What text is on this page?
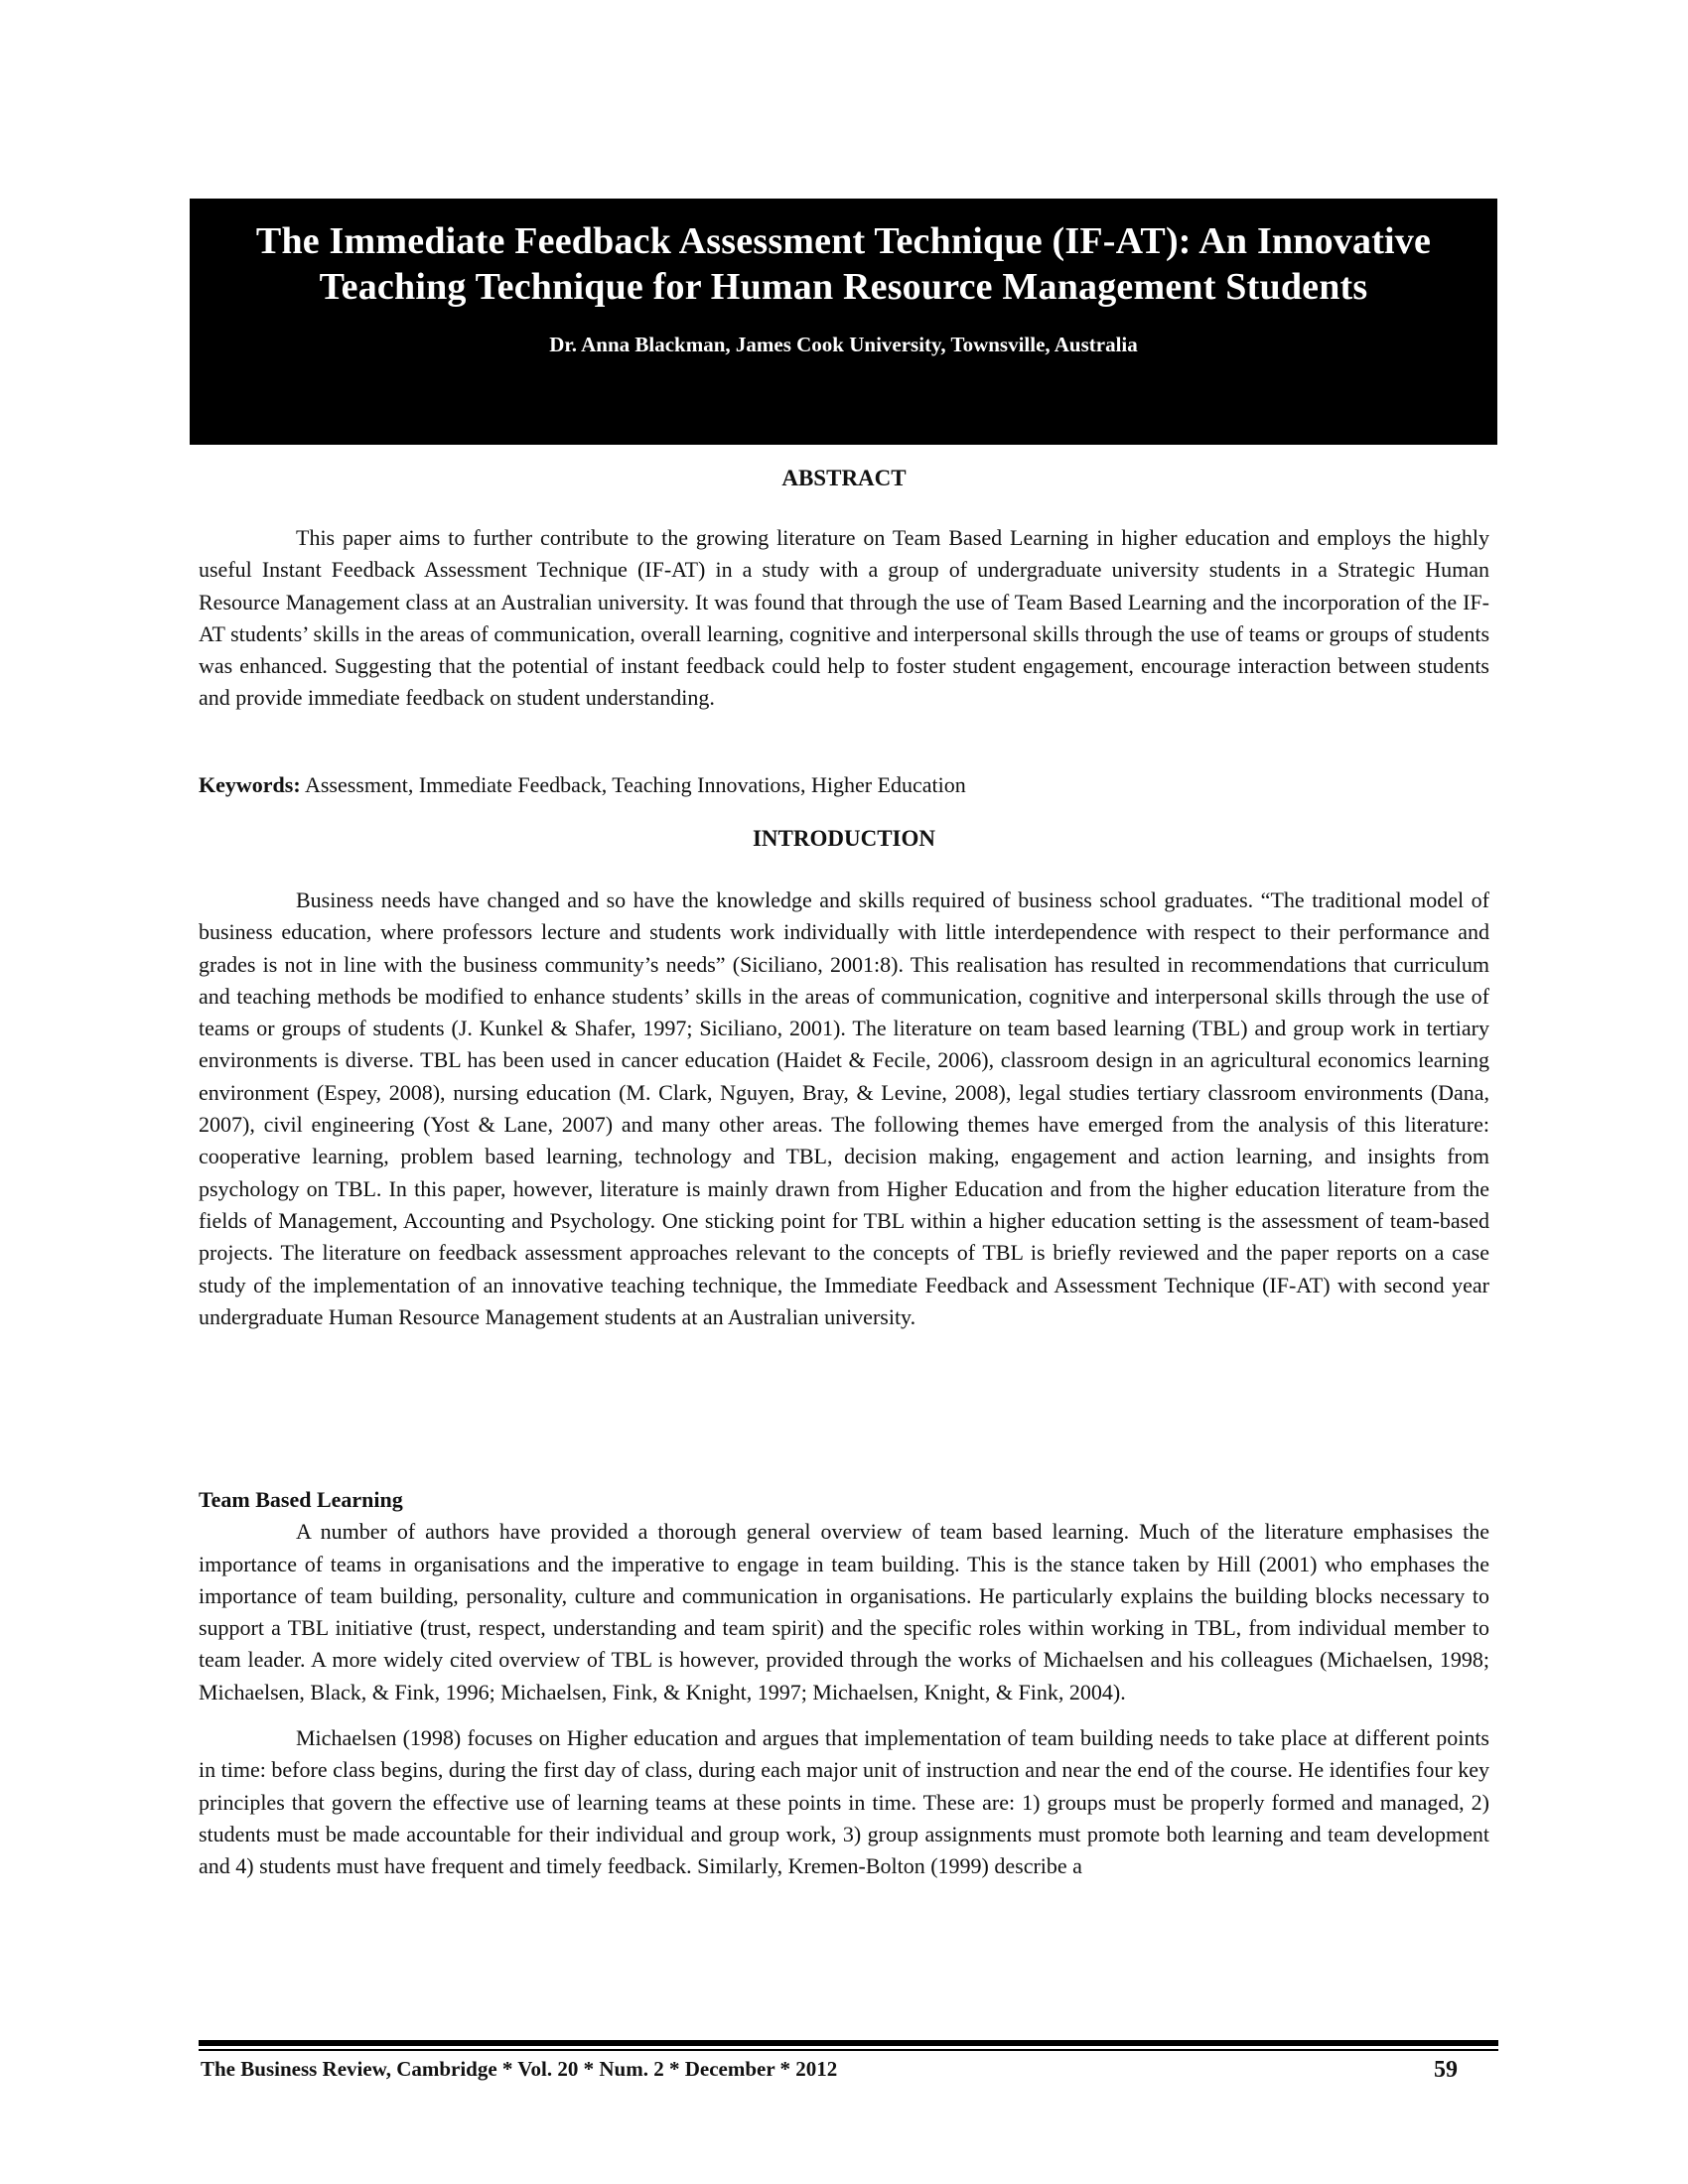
The Immediate Feedback Assessment Technique (IF-AT): An Innovative Teaching Technique for Human Resource Management Students
Dr. Anna Blackman, James Cook University, Townsville, Australia
ABSTRACT

This paper aims to further contribute to the growing literature on Team Based Learning in higher education and employs the highly useful Instant Feedback Assessment Technique (IF-AT) in a study with a group of undergraduate university students in a Strategic Human Resource Management class at an Australian university. It was found that through the use of Team Based Learning and the incorporation of the IF-AT students’ skills in the areas of communication, overall learning, cognitive and interpersonal skills through the use of teams or groups of students was enhanced. Suggesting that the potential of instant feedback could help to foster student engagement, encourage interaction between students and provide immediate feedback on student understanding.

Keywords: Assessment, Immediate Feedback, Teaching Innovations, Higher Education

INTRODUCTION

Business needs have changed and so have the knowledge and skills required of business school graduates. “The traditional model of business education, where professors lecture and students work individually with little interdependence with respect to their performance and grades is not in line with the business community’s needs” (Siciliano, 2001:8). This realisation has resulted in recommendations that curriculum and teaching methods be modified to enhance students’ skills in the areas of communication, cognitive and interpersonal skills through the use of teams or groups of students (J. Kunkel & Shafer, 1997; Siciliano, 2001). The literature on team based learning (TBL) and group work in tertiary environments is diverse. TBL has been used in cancer education (Haidet & Fecile, 2006), classroom design in an agricultural economics learning environment (Espey, 2008), nursing education (M. Clark, Nguyen, Bray, & Levine, 2008), legal studies tertiary classroom environments (Dana, 2007), civil engineering (Yost & Lane, 2007) and many other areas. The following themes have emerged from the analysis of this literature: cooperative learning, problem based learning, technology and TBL, decision making, engagement and action learning, and insights from psychology on TBL. In this paper, however, literature is mainly drawn from Higher Education and from the higher education literature from the fields of Management, Accounting and Psychology. One sticking point for TBL within a higher education setting is the assessment of team-based projects. The literature on feedback assessment approaches relevant to the concepts of TBL is briefly reviewed and the paper reports on a case study of the implementation of an innovative teaching technique, the Immediate Feedback and Assessment Technique (IF-AT) with second year undergraduate Human Resource Management students at an Australian university.

Team Based Learning

A number of authors have provided a thorough general overview of team based learning. Much of the literature emphasises the importance of teams in organisations and the imperative to engage in team building. This is the stance taken by Hill (2001) who emphases the importance of team building, personality, culture and communication in organisations. He particularly explains the building blocks necessary to support a TBL initiative (trust, respect, understanding and team spirit) and the specific roles within working in TBL, from individual member to team leader. A more widely cited overview of TBL is however, provided through the works of Michaelsen and his colleagues (Michaelsen, 1998; Michaelsen, Black, & Fink, 1996; Michaelsen, Fink, & Knight, 1997; Michaelsen, Knight, & Fink, 2004).

Michaelsen (1998) focuses on Higher education and argues that implementation of team building needs to take place at different points in time: before class begins, during the first day of class, during each major unit of instruction and near the end of the course. He identifies four key principles that govern the effective use of learning teams at these points in time. These are: 1) groups must be properly formed and managed, 2) students must be made accountable for their individual and group work, 3) group assignments must promote both learning and team development and 4) students must have frequent and timely feedback. Similarly, Kremen-Bolton (1999) describe a

The Business Review, Cambridge * Vol. 20 * Num. 2 * December * 2012	59
